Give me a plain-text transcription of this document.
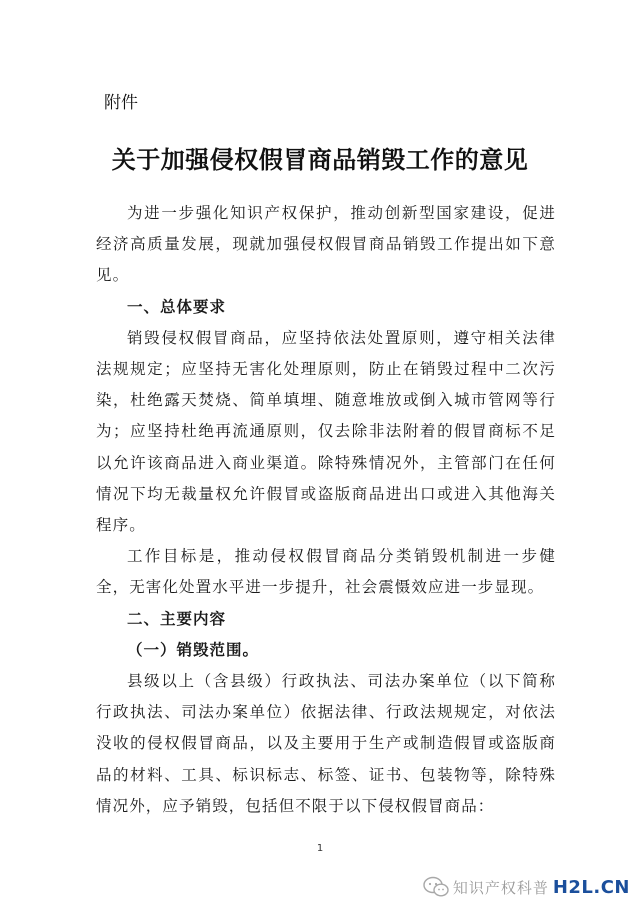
附件
关于加强侵权假冒商品销毁工作的意见

为进一步强化知识产权保护，推动创新型国家建设，促进经济高质量发展，现就加强侵权假冒商品销毁工作提出如下意见。

一、总体要求

销毁侵权假冒商品，应坚持依法处置原则，遵守相关法律法规规定；应坚持无害化处理原则，防止在销毁过程中二次污染，杜绝露天焚烧、简单填埋、随意堆放或倒入城市管网等行为；应坚持杜绝再流通原则，仅去除非法附着的假冒商标不足以允许该商品进入商业渠道。除特殊情况外，主管部门在任何情况下均无裁量权允许假冒或盗版商品进出口或进入其他海关程序。

工作目标是，推动侵权假冒商品分类销毁机制进一步健全，无害化处置水平进一步提升，社会震慑效应进一步显现。

二、主要内容

（一）销毁范围。

县级以上（含县级）行政执法、司法办案单位（以下简称行政执法、司法办案单位）依据法律、行政法规规定，对依法没收的侵权假冒商品，以及主要用于生产或制造假冒或盗版商品的材料、工具、标识标志、标签、证书、包装物等，除特殊情况外，应予销毁，包括但不限于以下侵权假冒商品：

1
知识产权科普 H2L.CN
